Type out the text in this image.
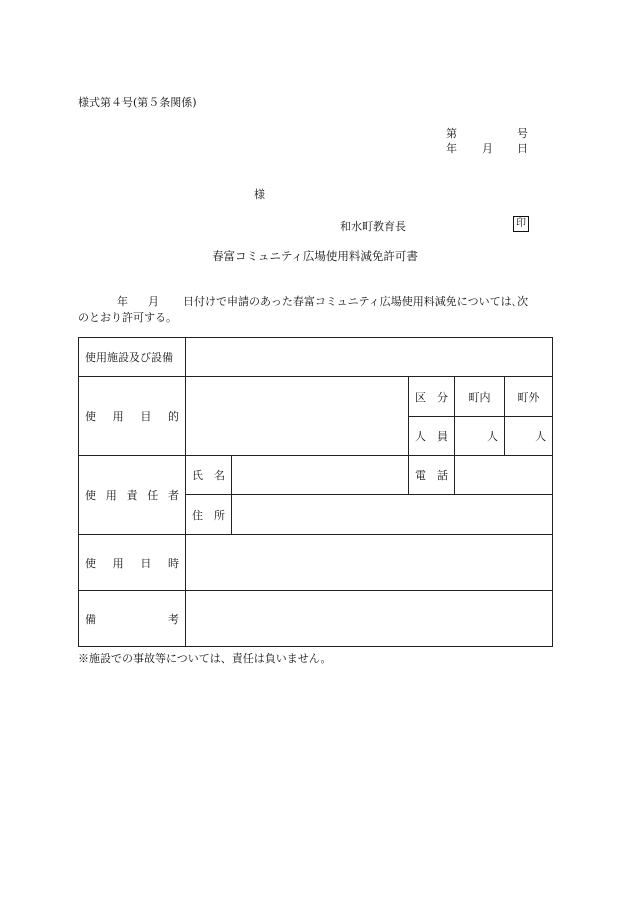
様式第４号(第５条関係)
第	号
年 月 日
様
和水町教育長	印
春富コミュニティ広場使用料減免許可書
年 月 日付けで申請のあった春富コミュニティ広場使用料減免については､次
のとおり許可する。
使用施設及び設備					

使 用 目 的			区 分	町内	町外

			人 員	人	人

使 用 責 任 者	氏 名		電 話		

	住 所				

使 用 日 時					

備 考					

※施設での事故等については、責任は負いません。
